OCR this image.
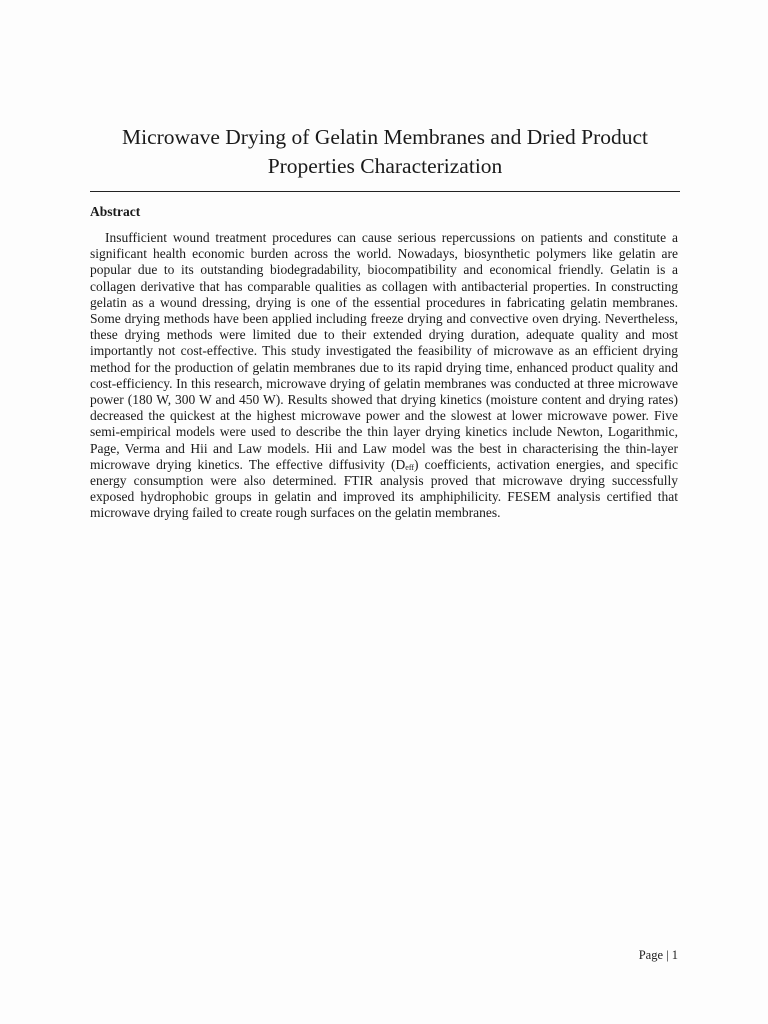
Microwave Drying of Gelatin Membranes and Dried Product Properties Characterization
Abstract
Insufficient wound treatment procedures can cause serious repercussions on patients and constitute a significant health economic burden across the world. Nowadays, biosynthetic polymers like gelatin are popular due to its outstanding biodegradability, biocompatibility and economical friendly. Gelatin is a collagen derivative that has comparable qualities as collagen with antibacterial properties. In constructing gelatin as a wound dressing, drying is one of the essential procedures in fabricating gelatin membranes. Some drying methods have been applied including freeze drying and convective oven drying. Nevertheless, these drying methods were limited due to their extended drying duration, adequate quality and most importantly not cost-effective. This study investigated the feasibility of microwave as an efficient drying method for the production of gelatin membranes due to its rapid drying time, enhanced product quality and cost-efficiency. In this research, microwave drying of gelatin membranes was conducted at three microwave power (180 W, 300 W and 450 W). Results showed that drying kinetics (moisture content and drying rates) decreased the quickest at the highest microwave power and the slowest at lower microwave power. Five semi-empirical models were used to describe the thin layer drying kinetics include Newton, Logarithmic, Page, Verma and Hii and Law models. Hii and Law model was the best in characterising the thin-layer microwave drying kinetics. The effective diffusivity $(D_{eff})$ coefficients, activation energies, and specific energy consumption were also determined. FTIR analysis proved that microwave drying successfully exposed hydrophobic groups in gelatin and improved its amphiphilicity. FESEM analysis certified that microwave drying failed to create rough surfaces on the gelatin membranes.
Page | 1
